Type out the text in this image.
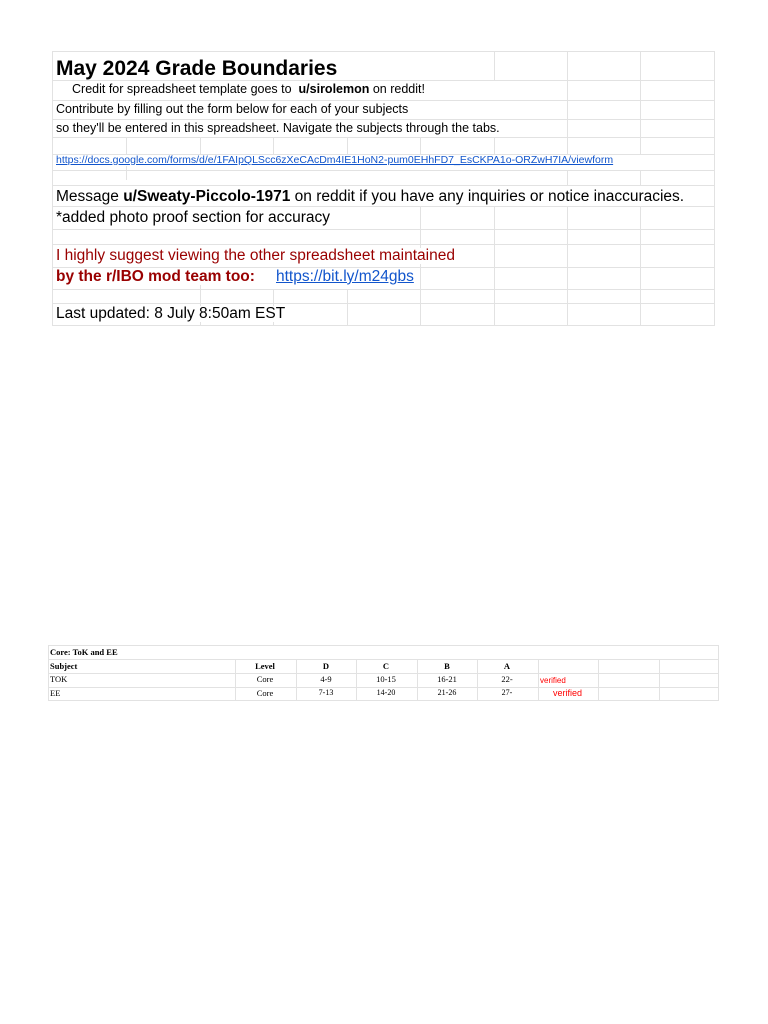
May 2024 Grade Boundaries
Credit for spreadsheet template goes to u/sirolemon on reddit!
Contribute by filling out the form below for each of your subjects
so they'll be entered in this spreadsheet. Navigate the subjects through the tabs.
https://docs.google.com/forms/d/e/1FAIpQLScc6zXeCAcDm4IE1HoN2-pum0EHhFD7_EsCKPA1o-ORZwH7IA/viewform
Message u/Sweaty-Piccolo-1971 on reddit if you have any inquiries or notice inaccuracies.
*added photo proof section for accuracy
I highly suggest viewing the other spreadsheet maintained
by the r/IBO mod team too: https://bit.ly/m24gbs
Last updated: 8 July 8:50am EST
Core: ToK and EE
Subject	Level	D	C	B	A
TOK	Core	4-9	10-15	16-21	22-	verified
EE	Core	7-13	14-20	21-26	27-	verified
